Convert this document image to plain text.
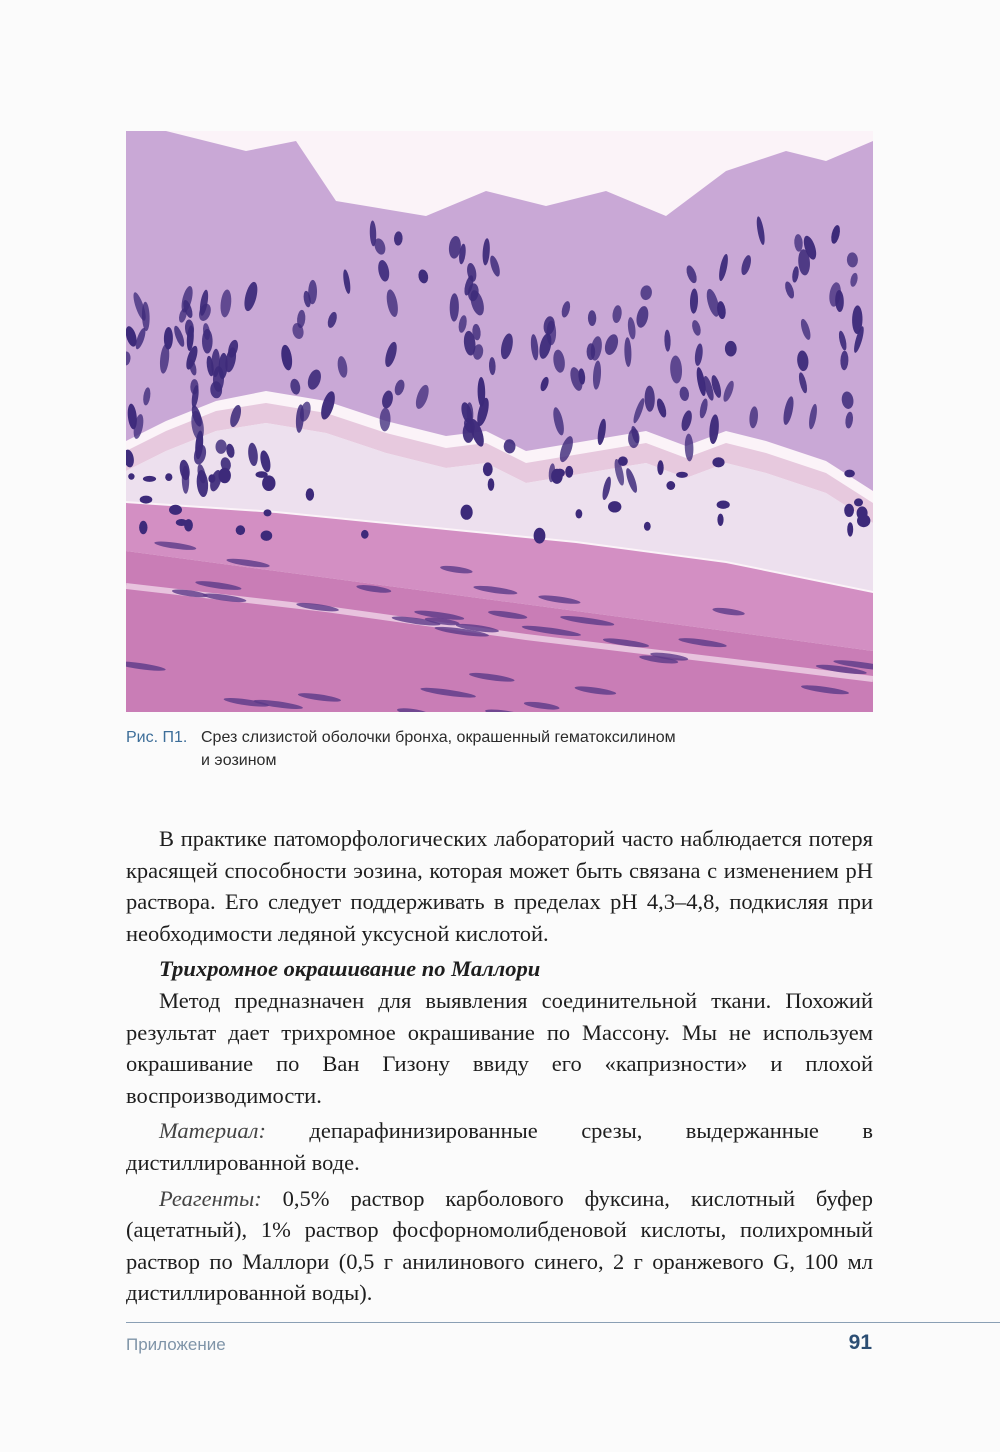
Рис. П1. Срез слизистой оболочки бронха, окрашенный гематоксилином
и эозином

В практике патоморфологических лабораторий часто наблюдается потеря красящей способности эозина, которая может быть связана с изменением pH раствора. Его следует поддерживать в пределах pH 4,3–4,8, подкисляя при необходимости ледяной уксусной кислотой.

Трихромное окрашивание по Маллори

Метод предназначен для выявления соединительной ткани. Похожий результат дает трихромное окрашивание по Массону. Мы не используем окрашивание по Ван Гизону ввиду его «капризности» и плохой воспроизводимости.

Материал: депарафинизированные срезы, выдержанные в дистиллированной воде.

Реагенты: 0,5% раствор карболового фуксина, кислотный буфер (ацетатный), 1% раствор фосфорномолибденовой кислоты, полихромный раствор по Маллори (0,5 г анилинового синего, 2 г оранжевого G, 100 мл дистиллированной воды).

Приложение	91
